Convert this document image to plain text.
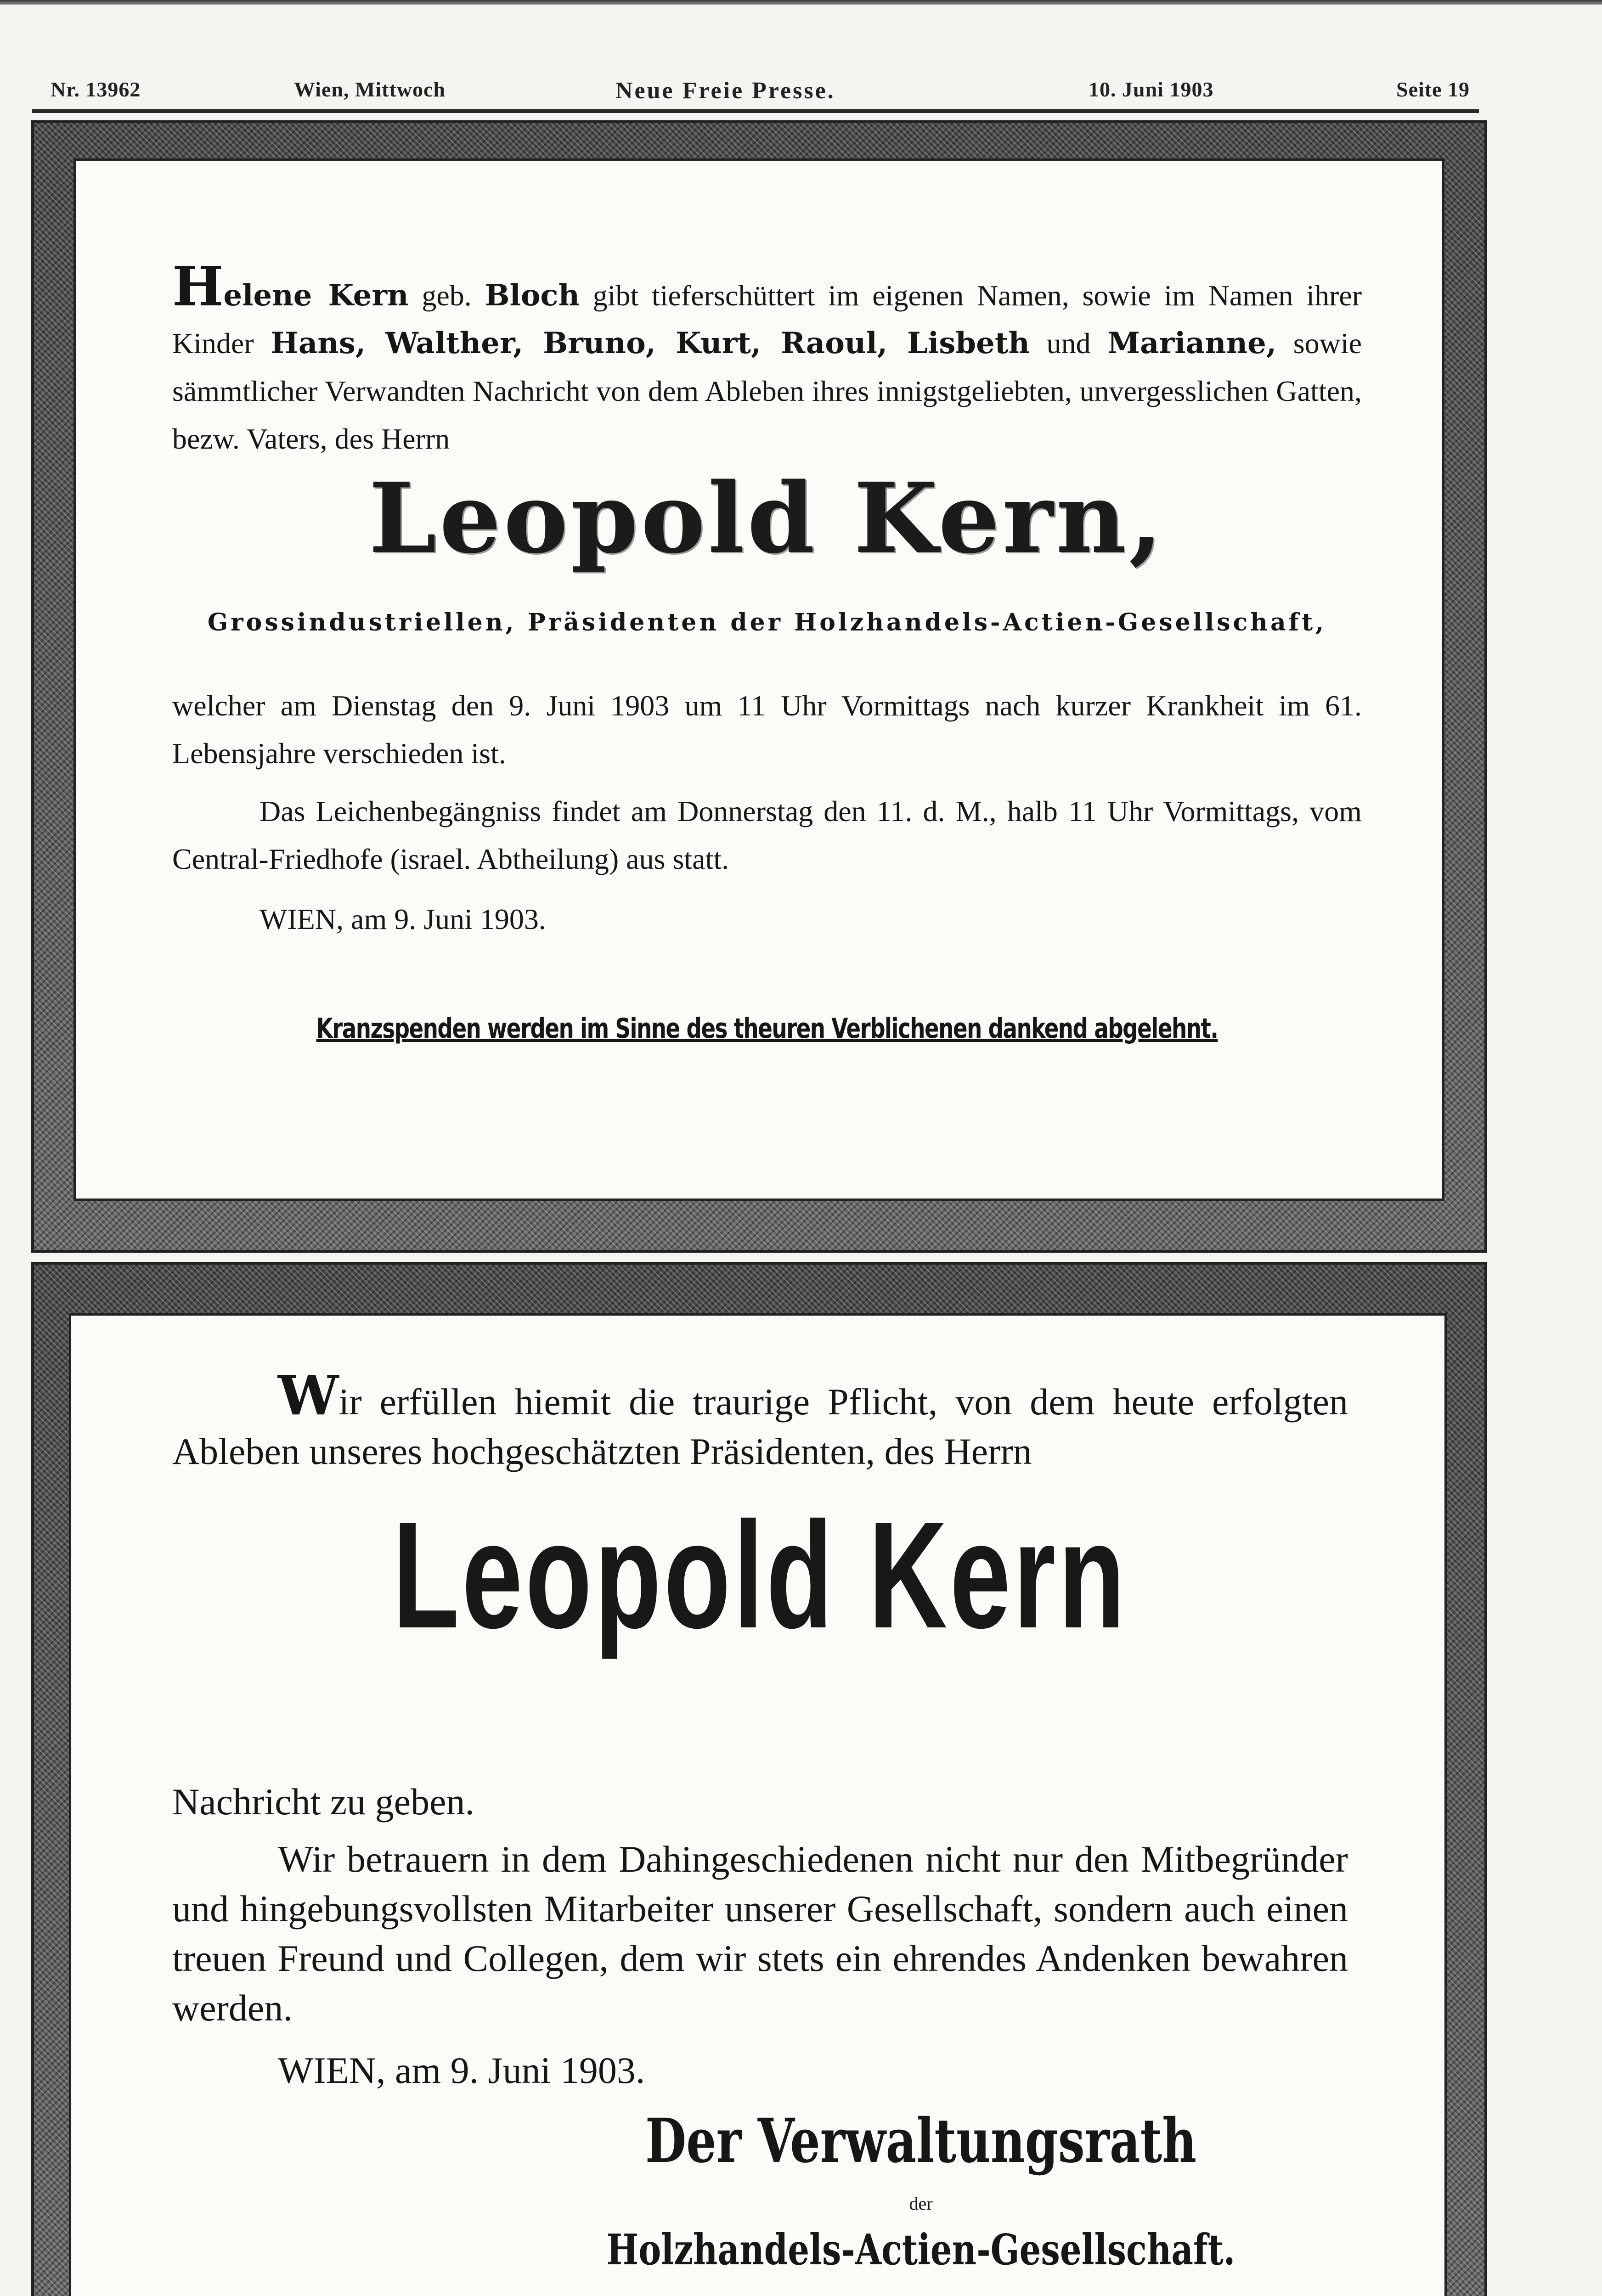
Nr. 13962	Wien, Mittwoch	Neue Freie Presse.	10. Juni 1903	Seite 19

Helene Kern geb. Bloch gibt tieferschüttert im eigenen Namen, sowie im Namen ihrer Kinder Hans, Walther, Bruno, Kurt, Raoul, Lisbeth und Marianne, sowie sämmtlicher Verwandten Nachricht von dem Ableben ihres innigstgeliebten, unvergesslichen Gatten, bezw. Vaters, des Herrn

Leopold Kern,
Grossindustriellen, Präsidenten der Holzhandels-Actien-Gesellschaft,

welcher am Dienstag den 9. Juni 1903 um 11 Uhr Vormittags nach kurzer Krankheit im 61. Lebensjahre verschieden ist.

Das Leichenbegängniss findet am Donnerstag den 11. d. M., halb 11 Uhr Vormittags, vom Central-Friedhofe (israel. Abtheilung) aus statt.

WIEN, am 9. Juni 1903.
Kranzspenden werden im Sinne des theuren Verblichenen dankend abgelehnt.

Wir erfüllen hiemit die traurige Pflicht, von dem heute erfolgten Ableben unseres hochgeschätzten Präsidenten, des Herrn

Leopold Kern
Nachricht zu geben.

Wir betrauern in dem Dahingeschiedenen nicht nur den Mitbegründer und hingebungsvollsten Mitarbeiter unserer Gesellschaft, sondern auch einen treuen Freund und Collegen, dem wir stets ein ehrendes Andenken bewahren werden.

WIEN, am 9. Juni 1903.
Der Verwaltungsrath
der
Holzhandels-Actien-Gesellschaft.
